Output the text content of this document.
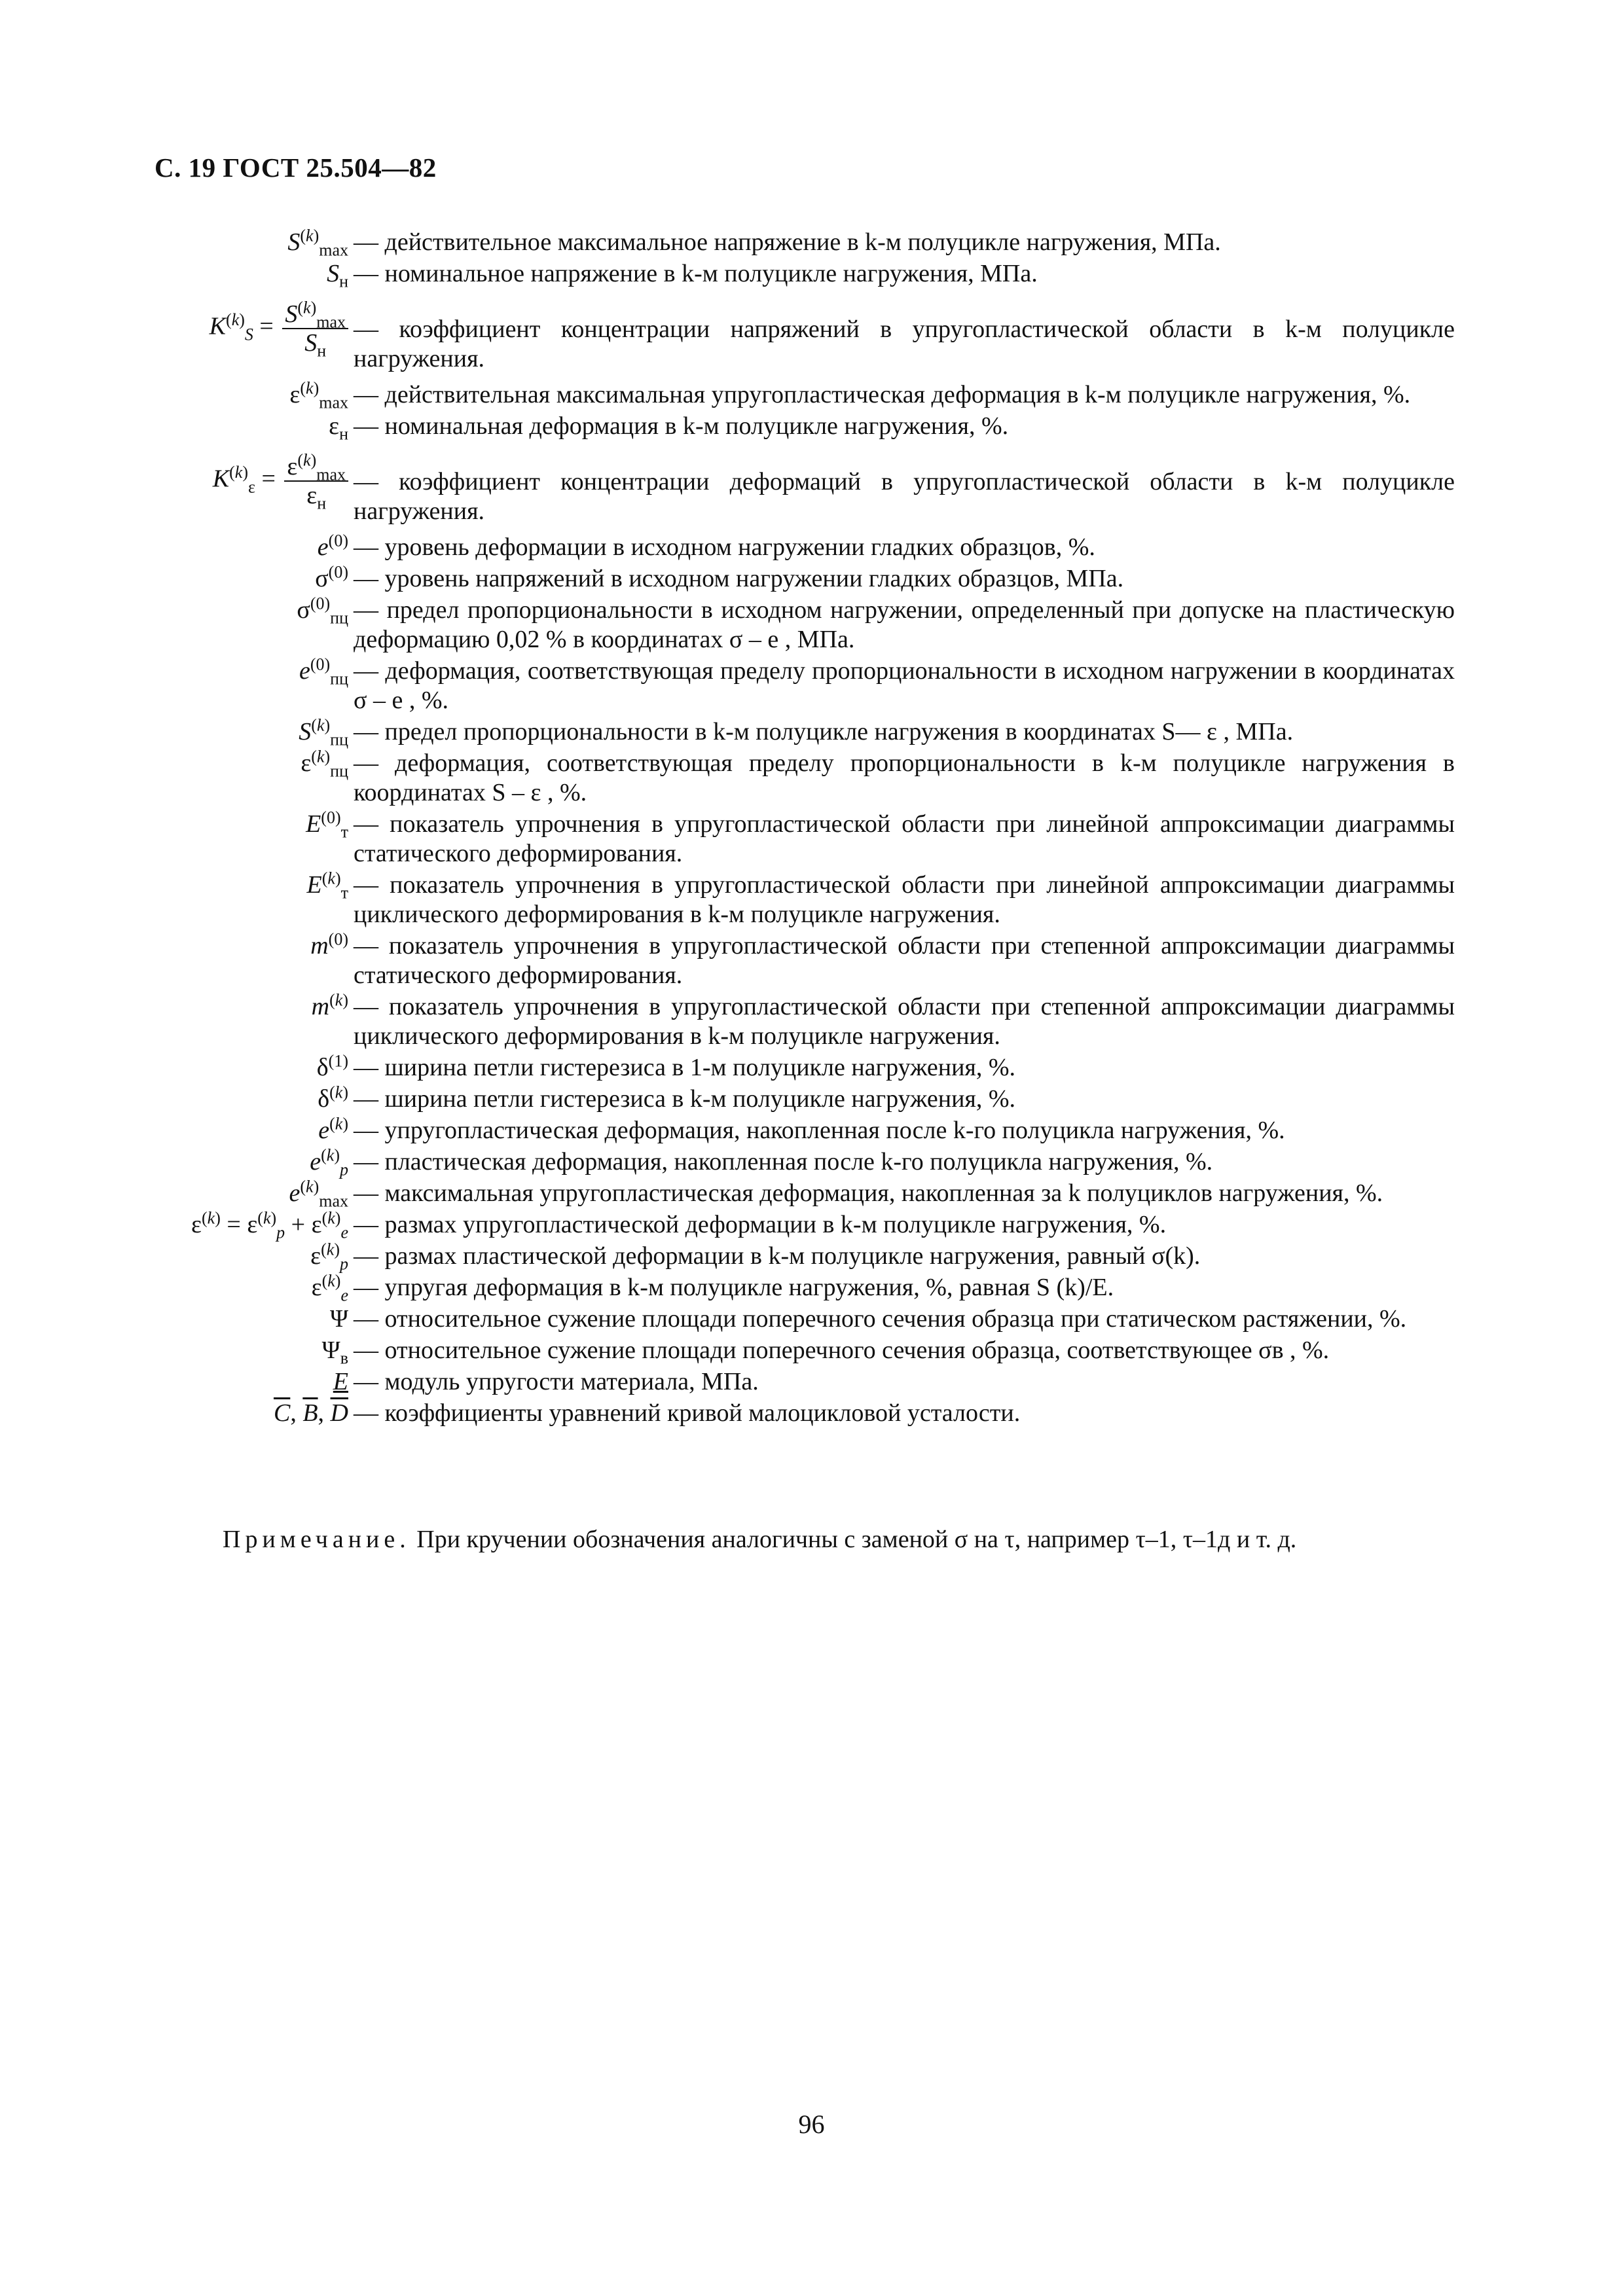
С. 19 ГОСТ 25.504—82
$S^{(k)}_{max}$ — действительное максимальное напряжение в k-м полуцикле нагружения, МПа.
$S_н$ — номинальное напряжение в k-м полуцикле нагружения, МПа.
$K^{(k)}_S = \frac{S^{(k)}_{max}}{S_н}$ — коэффициент концентрации напряжений в упругопластической области в k-м полуцикле нагружения.
$\varepsilon^{(k)}_{max}$ — действительная максимальная упругопластическая деформация в k-м полуцикле нагружения, %.
$\varepsilon_н$ — номинальная деформация в k-м полуцикле нагружения, %.
$K^{(k)}_\varepsilon = \frac{\varepsilon^{(k)}_{max}}{\varepsilon_н}$ — коэффициент концентрации деформаций в упругопластической области в k-м полуцикле нагружения.
$e^{(0)}$ — уровень деформации в исходном нагружении гладких образцов, %.
$\sigma^{(0)}$ — уровень напряжений в исходном нагружении гладких образцов, МПа.
$\sigma^{(0)}_{пц}$ — предел пропорциональности в исходном нагружении, определенный при допуске на пластическую деформацию 0,02 % в координатах σ – e , МПа.
$e^{(0)}_{пц}$ — деформация, соответствующая пределу пропорциональности в исходном нагружении в координатах σ – e , %.
$S^{(k)}_{пц}$ — предел пропорциональности в k-м полуцикле нагружения в координатах S— ε , МПа.
$\varepsilon^{(k)}_{пц}$ — деформация, соответствующая пределу пропорциональности в k-м полуцикле нагружения в координатах S – ε , %.
$E^{(0)}_т$ — показатель упрочнения в упругопластической области при линейной аппроксимации диаграммы статического деформирования.
$E^{(k)}_т$ — показатель упрочнения в упругопластической области при линейной аппроксимации диаграммы циклического деформирования в k-м полуцикле нагружения.
$m^{(0)}$ — показатель упрочнения в упругопластической области при степенной аппроксимации диаграммы статического деформирования.
$m^{(k)}$ — показатель упрочнения в упругопластической области при степенной аппроксимации диаграммы циклического деформирования в k-м полуцикле нагружения.
$\delta^{(1)}$ — ширина петли гистерезиса в 1-м полуцикле нагружения, %.
$\delta^{(k)}$ — ширина петли гистерезиса в k-м полуцикле нагружения, %.
$e^{(k)}$ — упругопластическая деформация, накопленная после k-го полуцикла нагружения, %.
$e^{(k)}_p$ — пластическая деформация, накопленная после k-го полуцикла нагружения, %.
$e^{(k)}_{max}$ — максимальная упругопластическая деформация, накопленная за k полуциклов нагружения, %.
$\varepsilon^{(k)} = \varepsilon^{(k)}_p + \varepsilon^{(k)}_e$ — размах упругопластической деформации в k-м полуцикле нагружения, %.
$\varepsilon^{(k)}_p$ — размах пластической деформации в k-м полуцикле нагружения, равный σ(k).
$\varepsilon^{(k)}_e$ — упругая деформация в k-м полуцикле нагружения, %, равная S (k)/E.
Ψ — относительное сужение площади поперечного сечения образца при статическом растяжении, %.
$\Psi_в$ — относительное сужение площади поперечного сечения образца, соответствующее σв , %.
E — модуль упругости материала, МПа.
$\overline{C}$, $\overline{B}$, $\overline{D}$ — коэффициенты уравнений кривой малоцикловой усталости.
Примечание. При кручении обозначения аналогичны с заменой σ на τ, например τ–1, τ–1д и т. д.
96
